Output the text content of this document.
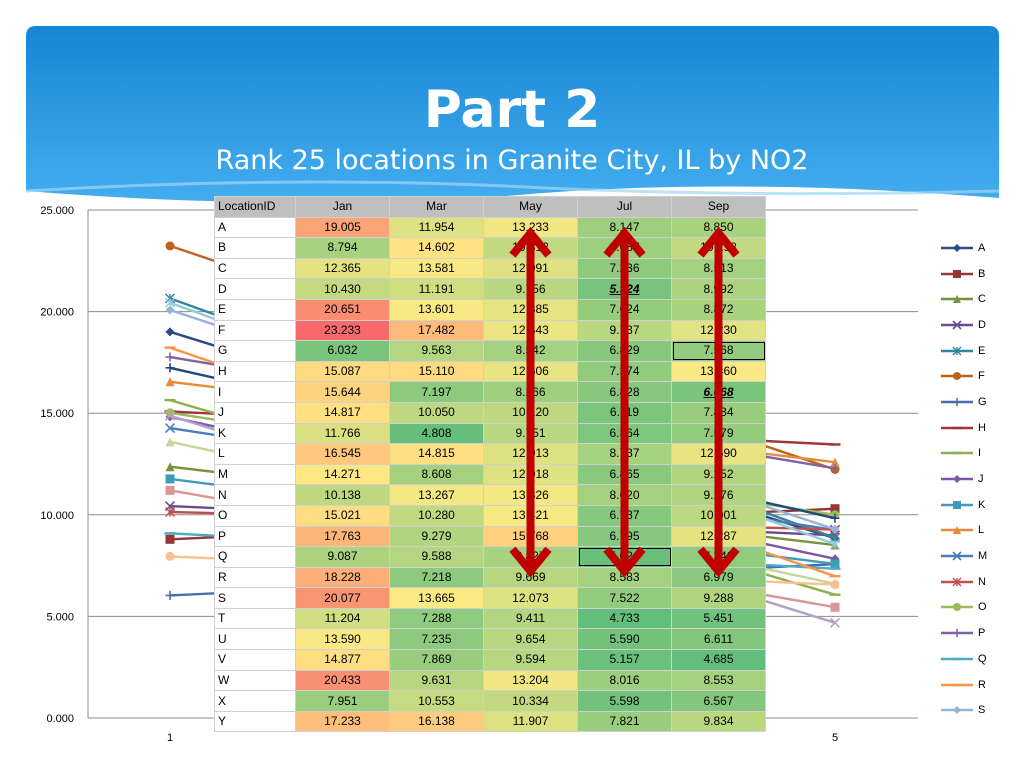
Part 2
Rank 25 locations in Granite City, IL by NO2
0.000
5.000
10.000
15.000
20.000
25.000
1	5
A
B
C
D
E
F
G
H
I
J
K
L
M
N
O
P
Q
R
S
LocationID	Jan	Mar	May	Jul	Sep
A	19.005	11.954	13.233	8.147	8.850
B	8.794	14.602	10.312	8.087	10.298
C	12.365	13.581	12.091	7.236	8.513
D	10.430	11.191	9.756	5.924	8.992
E	20.651	13.601	12.385	7.624	8.872
F	23.233	17.482	12.643	9.737	12.230
G	6.032	9.563	8.542	6.829	7.568
H	15.087	15.110	12.606	7.374	13.460
I	15.644	7.197	8.266	6.828	6.068
J	14.817	10.050	10.120	6.119	7.834
K	11.766	4.808	9.751	6.364	7.579
L	16.545	14.815	12.013	8.737	12.590
M	14.271	8.608	12.018	6.865	9.252
N	10.138	13.267	13.326	8.620	9.276
O	15.021	10.280	13.421	6.737	10.001
P	17.763	9.279	15.768	6.795	12.287
Q	9.087	9.588	8.827	5.024	7.349
R	18.228	7.218	9.669	8.583	6.979
S	20.077	13.665	12.073	7.522	9.288
T	11.204	7.288	9.411	4.733	5.451
U	13.590	7.235	9.654	5.590	6.611
V	14.877	7.869	9.594	5.157	4.685
W	20.433	9.631	13.204	8.016	8.553
X	7.951	10.553	10.334	5.598	6.567
Y	17.233	16.138	11.907	7.821	9.834
